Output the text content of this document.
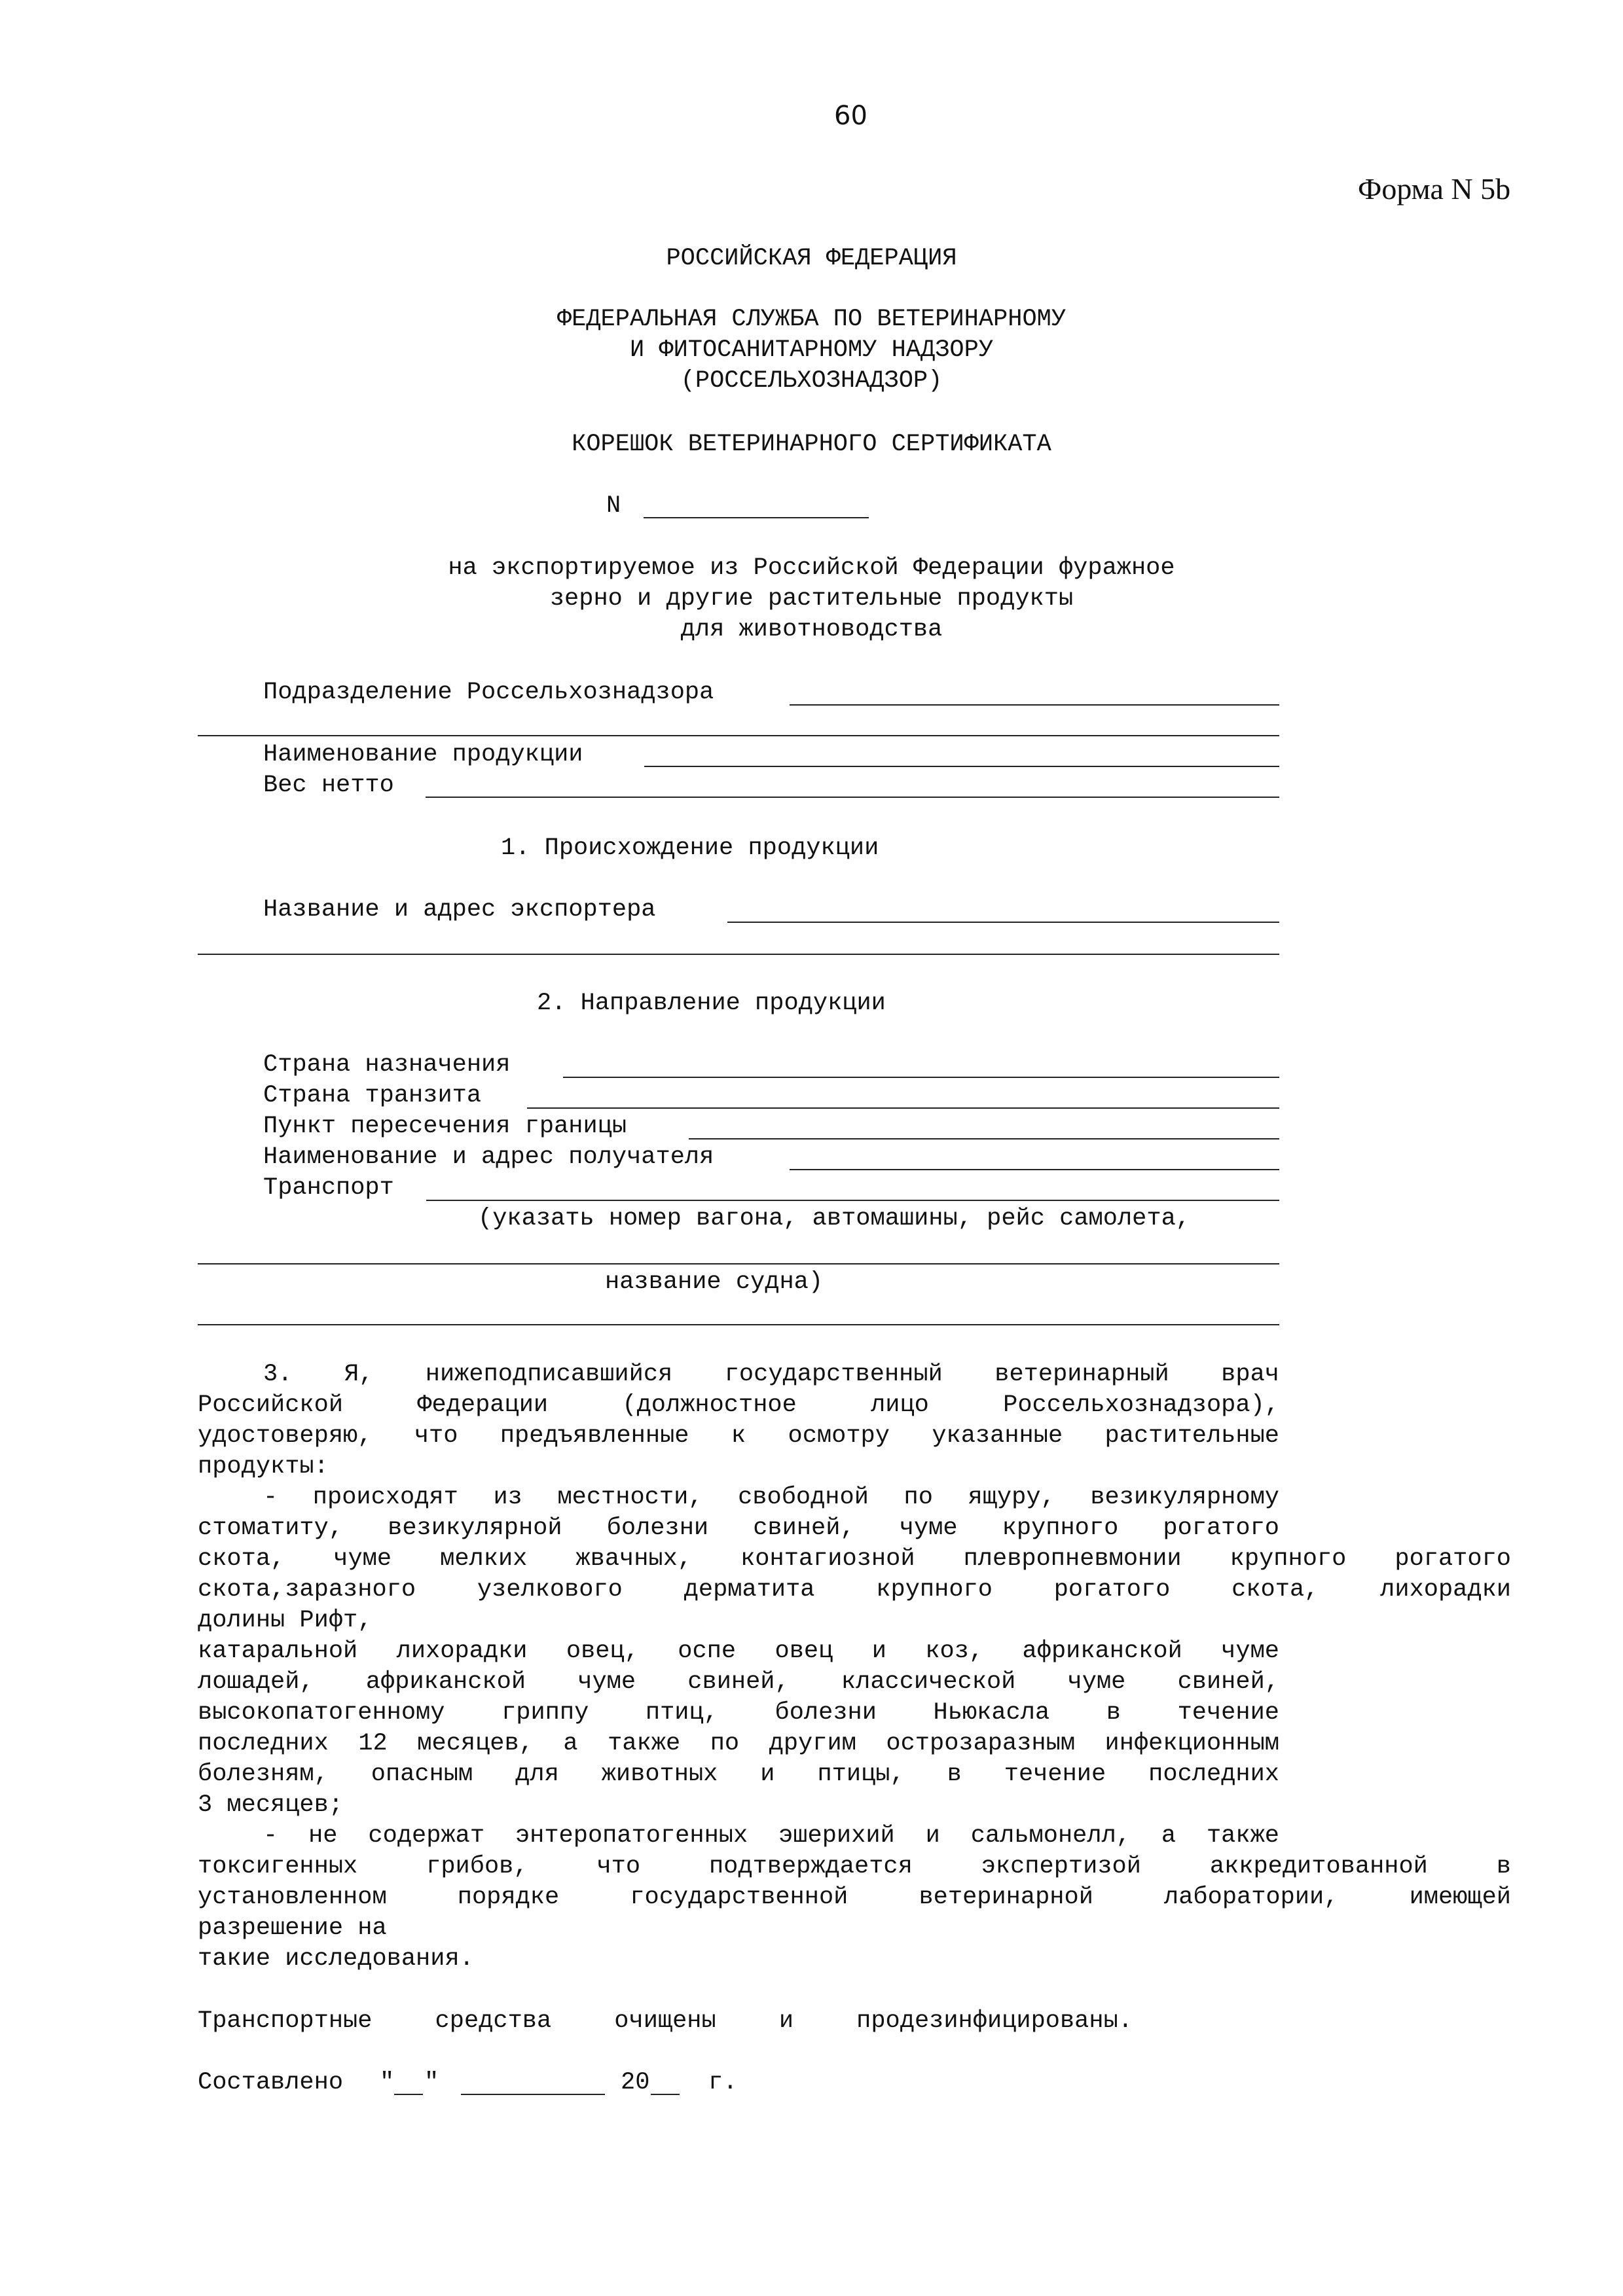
60
Форма N 5b
РОССИЙСКАЯ ФЕДЕРАЦИЯ
ФЕДЕРАЛЬНАЯ СЛУЖБА ПО ВЕТЕРИНАРНОМУ
И ФИТОСАНИТАРНОМУ НАДЗОРУ
(РОССЕЛЬХОЗНАДЗОР)
КОРЕШОК ВЕТЕРИНАРНОГО СЕРТИФИКАТА
N
на экспортируемое из Российской Федерации фуражное
зерно и другие растительные продукты
для животноводства
Подразделение Россельхознадзора
Наименование продукции
Вес нетто
1. Происхождение продукции
Название и адрес экспортера
2. Направление продукции
Страна назначения
Страна транзита
Пункт пересечения границы
Наименование и адрес получателя
Транспорт
(указать номер вагона, автомашины, рейс самолета,
название судна)
3. Я, нижеподписавшийся государственный ветеринарный врач
Российской Федерации (должностное лицо Россельхознадзора),
удостоверяю, что предъявленные к осмотру указанные растительные
продукты:
- происходят из местности, свободной по ящуру, везикулярному
стоматиту, везикулярной болезни свиней, чуме крупного рогатого
скота, чуме мелких жвачных, контагиозной плевропневмонии крупного рогатого
скота,заразного узелкового дерматита крупного рогатого скота, лихорадки
долины Рифт,
катаральной лихорадки овец, оспе овец и коз, африканской чуме
лошадей, африканской чуме свиней, классической чуме свиней,
высокопатогенному гриппу птиц, болезни Ньюкасла в течение
последних 12 месяцев, а также по другим острозаразным инфекционным
болезням, опасным для животных и птицы, в течение последних
3 месяцев;
- не содержат энтеропатогенных эшерихий и сальмонелл, а также
токсигенных грибов, что подтверждается экспертизой аккредитованной в
установленном порядке государственной ветеринарной лаборатории, имеющей
разрешение на
такие исследования.
Транспортные средства очищены и продезинфицированы.
Составлено " "	20 г.
